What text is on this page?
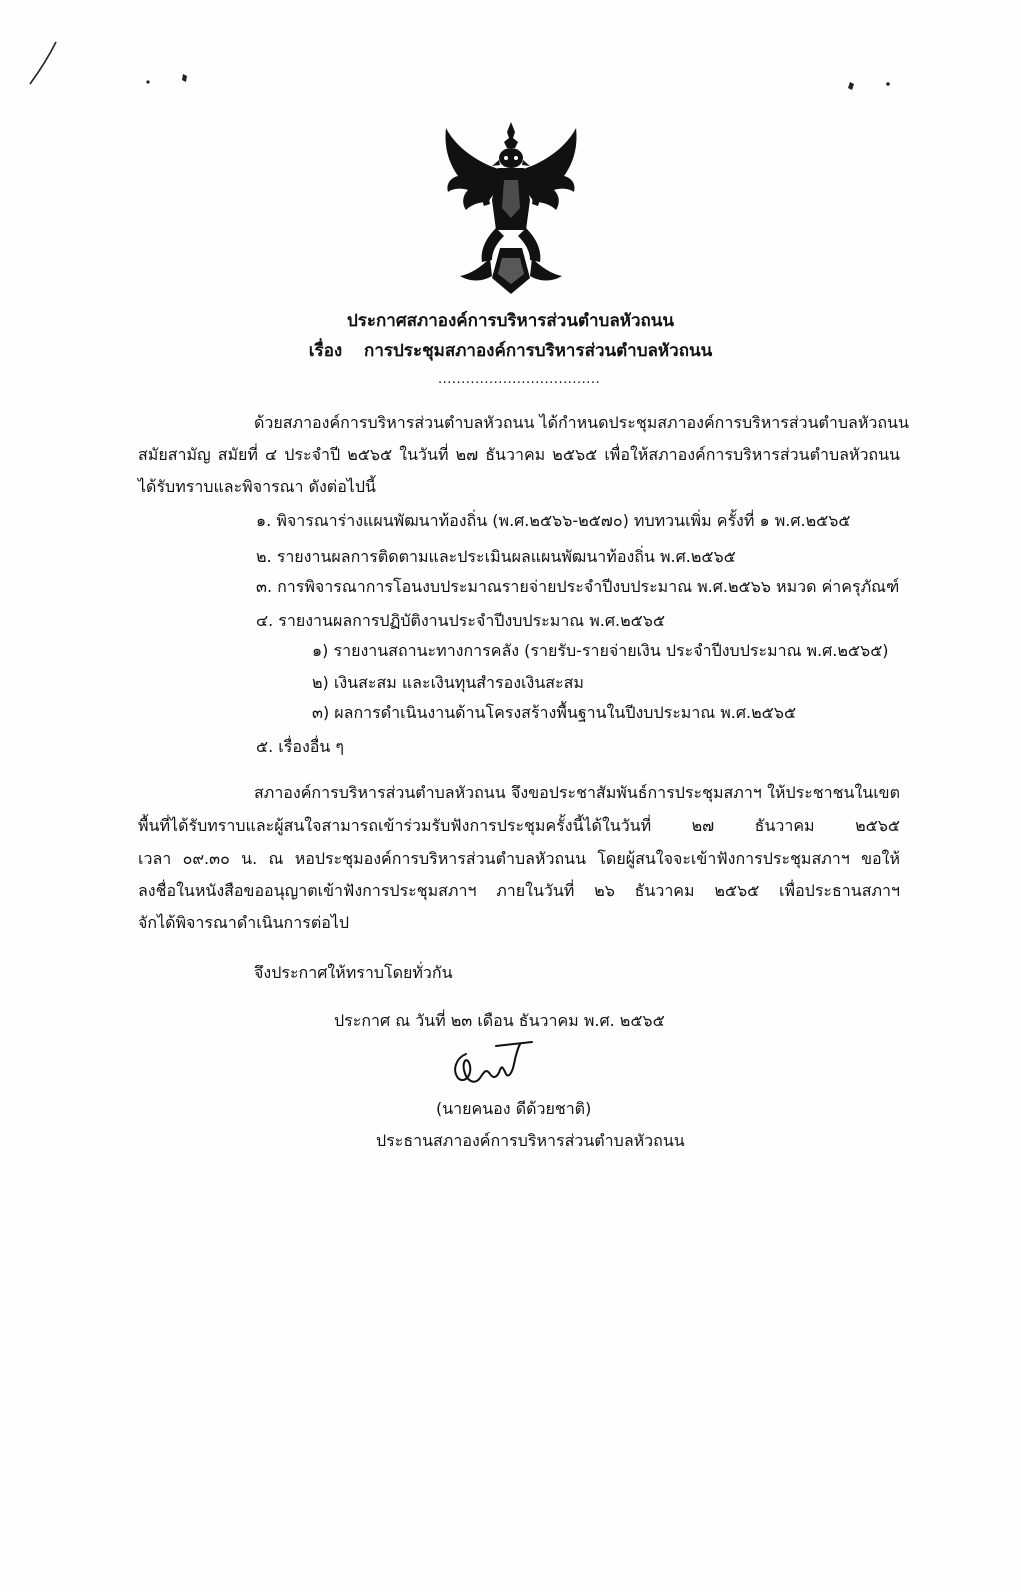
ประกาศสภาองค์การบริหารส่วนตำบลหัวถนน
เรื่อง การประชุมสภาองค์การบริหารส่วนตำบลหัวถนน
...................................
ด้วยสภาองค์การบริหารส่วนตำบลหัวถนน ได้กำหนดประชุมสภาองค์การบริหารส่วนตำบลหัวถนน
สมัยสามัญ สมัยที่ ๔ ประจำปี ๒๕๖๕ ในวันที่ ๒๗ ธันวาคม ๒๕๖๕ เพื่อให้สภาองค์การบริหารส่วนตำบลหัวถนน
ได้รับทราบและพิจารณา ดังต่อไปนี้
๑. พิจารณาร่างแผนพัฒนาท้องถิ่น (พ.ศ.๒๕๖๖-๒๕๗๐) ทบทวนเพิ่ม ครั้งที่ ๑ พ.ศ.๒๕๖๕
๒. รายงานผลการติดตามและประเมินผลแผนพัฒนาท้องถิ่น พ.ศ.๒๕๖๕
๓. การพิจารณาการโอนงบประมาณรายจ่ายประจำปีงบประมาณ พ.ศ.๒๕๖๖ หมวด ค่าครุภัณฑ์
๔. รายงานผลการปฏิบัติงานประจำปีงบประมาณ พ.ศ.๒๕๖๕
๑) รายงานสถานะทางการคลัง (รายรับ-รายจ่ายเงิน ประจำปีงบประมาณ พ.ศ.๒๕๖๕)
๒) เงินสะสม และเงินทุนสำรองเงินสะสม
๓) ผลการดำเนินงานด้านโครงสร้างพื้นฐานในปีงบประมาณ พ.ศ.๒๕๖๕
๕. เรื่องอื่น ๆ
สภาองค์การบริหารส่วนตำบลหัวถนน จึงขอประชาสัมพันธ์การประชุมสภาฯ ให้ประชาชนในเขต
พื้นที่ได้รับทราบและผู้สนใจสามารถเข้าร่วมรับฟังการประชุมครั้งนี้ได้ในวันที่ ๒๗ ธันวาคม ๒๕๖๕
เวลา ๐๙.๓๐ น. ณ หอประชุมองค์การบริหารส่วนตำบลหัวถนน โดยผู้สนใจจะเข้าฟังการประชุมสภาฯ ขอให้
ลงชื่อในหนังสือขออนุญาตเข้าฟังการประชุมสภาฯ ภายในวันที่ ๒๖ ธันวาคม ๒๕๖๕ เพื่อประธานสภาฯ
จักได้พิจารณาดำเนินการต่อไป
จึงประกาศให้ทราบโดยทั่วกัน
ประกาศ ณ วันที่ ๒๓ เดือน ธันวาคม พ.ศ. ๒๕๖๕
(นายคนอง ดีด้วยชาติ)
ประธานสภาองค์การบริหารส่วนตำบลหัวถนน
